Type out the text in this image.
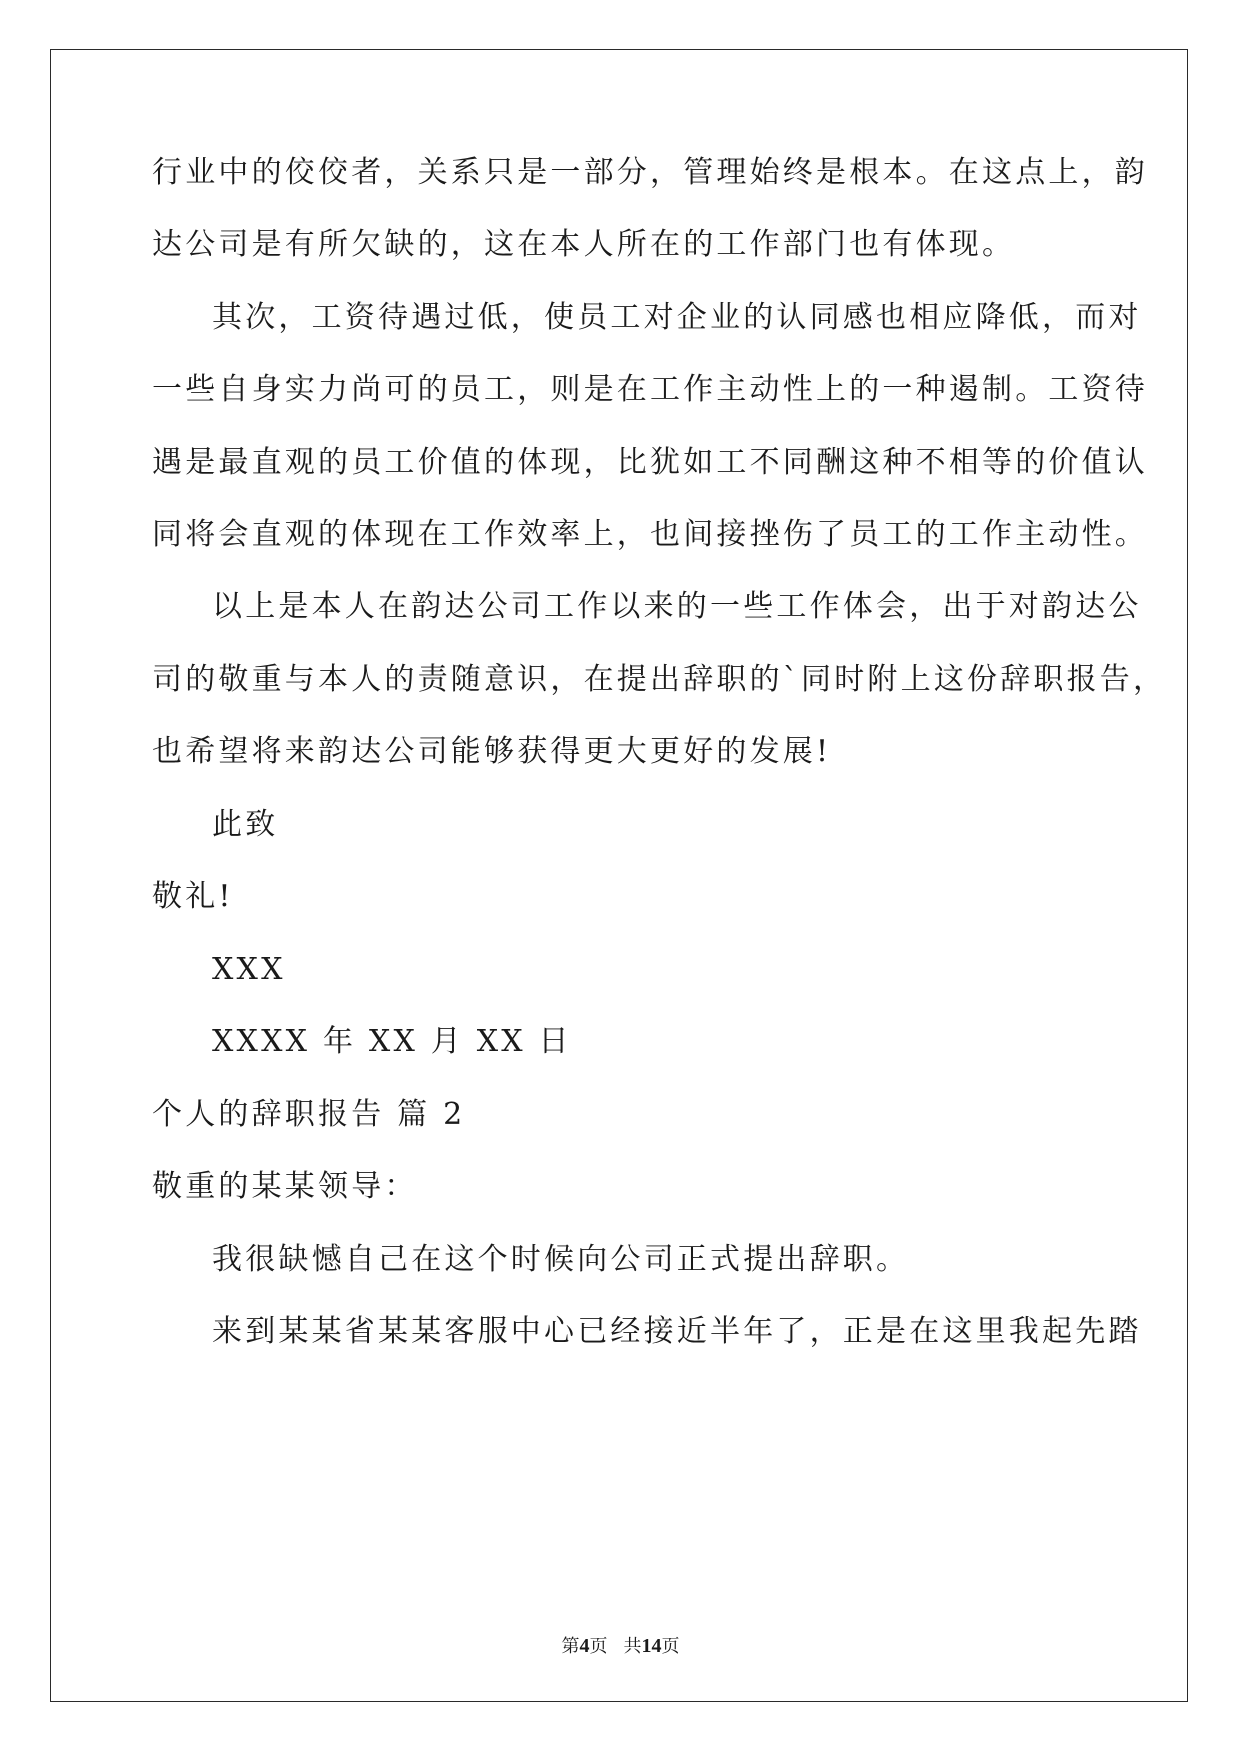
行业中的佼佼者，关系只是一部分，管理始终是根本。在这点上，韵
达公司是有所欠缺的，这在本人所在的工作部门也有体现。
其次，工资待遇过低，使员工对企业的认同感也相应降低，而对
一些自身实力尚可的员工，则是在工作主动性上的一种遏制。工资待
遇是最直观的员工价值的体现，比犹如工不同酬这种不相等的价值认
同将会直观的体现在工作效率上，也间接挫伤了员工的工作主动性。
以上是本人在韵达公司工作以来的一些工作体会，出于对韵达公
司的敬重与本人的责随意识，在提出辞职的`同时附上这份辞职报告，
也希望将来韵达公司能够获得更大更好的发展!
此致
敬礼!
XXX
XXXX 年 XX 月 XX 日
个人的辞职报告 篇 2
敬重的某某领导：
我很缺憾自己在这个时候向公司正式提出辞职。
来到某某省某某客服中心已经接近半年了，正是在这里我起先踏
第4页 共14页
